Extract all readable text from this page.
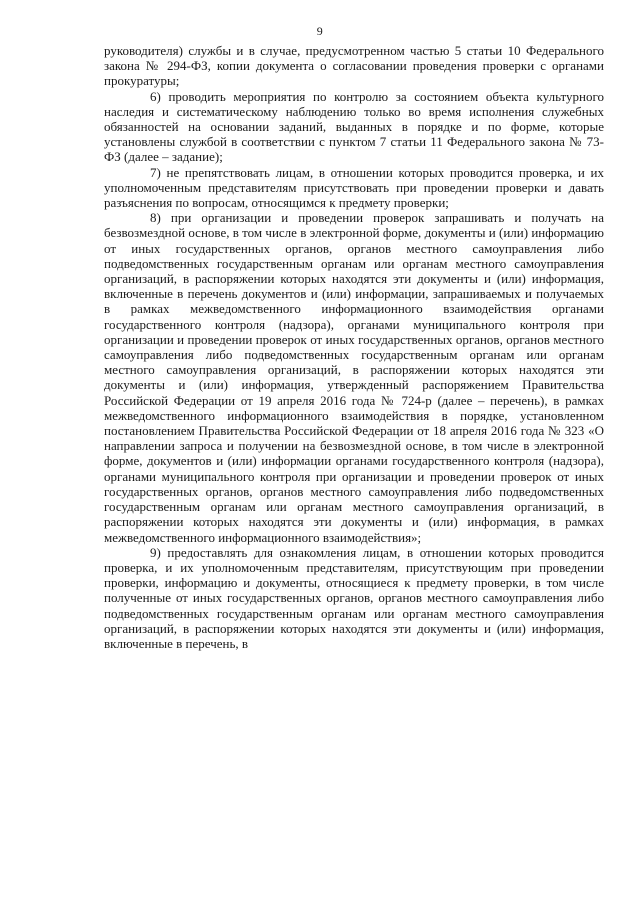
9

руководителя) службы и в случае, предусмотренном частью 5 статьи 10 Федерального закона № 294-ФЗ, копии документа о согласовании проведения проверки с органами прокуратуры;

6) проводить мероприятия по контролю за состоянием объекта культурного наследия и систематическому наблюдению только во время исполнения служебных обязанностей на основании заданий, выданных в порядке и по форме, которые установлены службой в соответствии с пунктом 7 статьи 11 Федерального закона № 73-ФЗ (далее – задание);

7) не препятствовать лицам, в отношении которых проводится проверка, и их уполномоченным представителям присутствовать при проведении проверки и давать разъяснения по вопросам, относящимся к предмету проверки;

8) при организации и проведении проверок запрашивать и получать на безвозмездной основе, в том числе в электронной форме, документы и (или) информацию от иных государственных органов, органов местного самоуправления либо подведомственных государственным органам или органам местного самоуправления организаций, в распоряжении которых находятся эти документы и (или) информация, включенные в перечень документов и (или) информации, запрашиваемых и получаемых в рамках межведомственного информационного взаимодействия органами государственного контроля (надзора), органами муниципального контроля при организации и проведении проверок от иных государственных органов, органов местного самоуправления либо подведомственных государственным органам или органам местного самоуправления организаций, в распоряжении которых находятся эти документы и (или) информация, утвержденный распоряжением Правительства Российской Федерации от 19 апреля 2016 года № 724-р (далее – перечень), в рамках межведомственного информационного взаимодействия в порядке, установленном постановлением Правительства Российской Федерации от 18 апреля 2016 года № 323 «О направлении запроса и получении на безвозмездной основе, в том числе в электронной форме, документов и (или) информации органами государственного контроля (надзора), органами муниципального контроля при организации и проведении проверок от иных государственных органов, органов местного самоуправления либо подведомственных государственным органам или органам местного самоуправления организаций, в распоряжении которых находятся эти документы и (или) информация, в рамках межведомственного информационного взаимодействия»;

9) предоставлять для ознакомления лицам, в отношении которых проводится проверка, и их уполномоченным представителям, присутствующим при проведении проверки, информацию и документы, относящиеся к предмету проверки, в том числе полученные от иных государственных органов, органов местного самоуправления либо подведомственных государственным органам или органам местного самоуправления организаций, в распоряжении которых находятся эти документы и (или) информация, включенные в перечень, в
